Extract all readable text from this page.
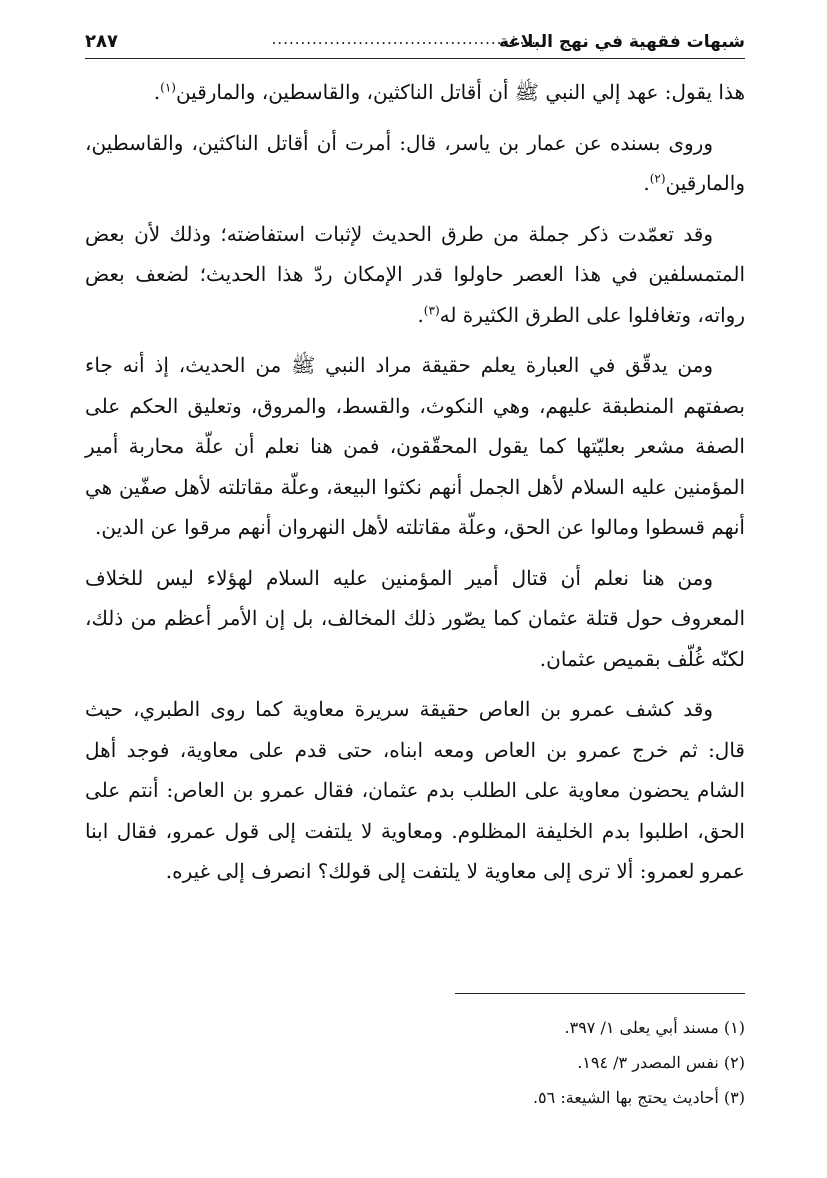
شبهات فقهية في نهج البلاغة
..............................................
٢٨٧

هذا يقول: عهد إلي النبي ﷺ أن أقاتل الناكثين، والقاسطين، والمارقين$^{(١)}$.

وروى بسنده عن عمار بن ياسر، قال: أمرت أن أقاتل الناكثين، والقاسطين، والمارقين$^{(٢)}$.

وقد تعمّدت ذكر جملة من طرق الحديث لإثبات استفاضته؛ وذلك لأن بعض المتمسلفين في هذا العصر حاولوا قدر الإمكان ردّ هذا الحديث؛ لضعف بعض رواته، وتغافلوا على الطرق الكثيرة له$^{(٣)}$.

ومن يدقّق في العبارة يعلم حقيقة مراد النبي ﷺ من الحديث، إذ أنه جاء بصفتهم المنطبقة عليهم، وهي النكوث، والقسط، والمروق، وتعليق الحكم على الصفة مشعر بعليّتها كما يقول المحقّقون، فمن هنا نعلم أن علّة محاربة أمير المؤمنين عليه السلام لأهل الجمل أنهم نكثوا البيعة، وعلّة مقاتلته لأهل صفّين هي أنهم قسطوا ومالوا عن الحق، وعلّة مقاتلته لأهل النهروان أنهم مرقوا عن الدين.

ومن هنا نعلم أن قتال أمير المؤمنين عليه السلام لهؤلاء ليس للخلاف المعروف حول قتلة عثمان كما يصّور ذلك المخالف، بل إن الأمر أعظم من ذلك، لكنّه غُلّف بقميص عثمان.

وقد كشف عمرو بن العاص حقيقة سريرة معاوية كما روى الطبري، حيث قال: ثم خرج عمرو بن العاص ومعه ابناه، حتى قدم على معاوية، فوجد أهل الشام يحضون معاوية على الطلب بدم عثمان، فقال عمرو بن العاص: أنتم على الحق، اطلبوا بدم الخليفة المظلوم. ومعاوية لا يلتفت إلى قول عمرو، فقال ابنا عمرو لعمرو: ألا ترى إلى معاوية لا يلتفت إلى قولك؟ انصرف إلى غيره.

(١) مسند أبي يعلى ١/ ٣٩٧.
(٢) نفس المصدر ٣/ ١٩٤.
(٣) أحاديث يحتج بها الشيعة: ٥٦.
